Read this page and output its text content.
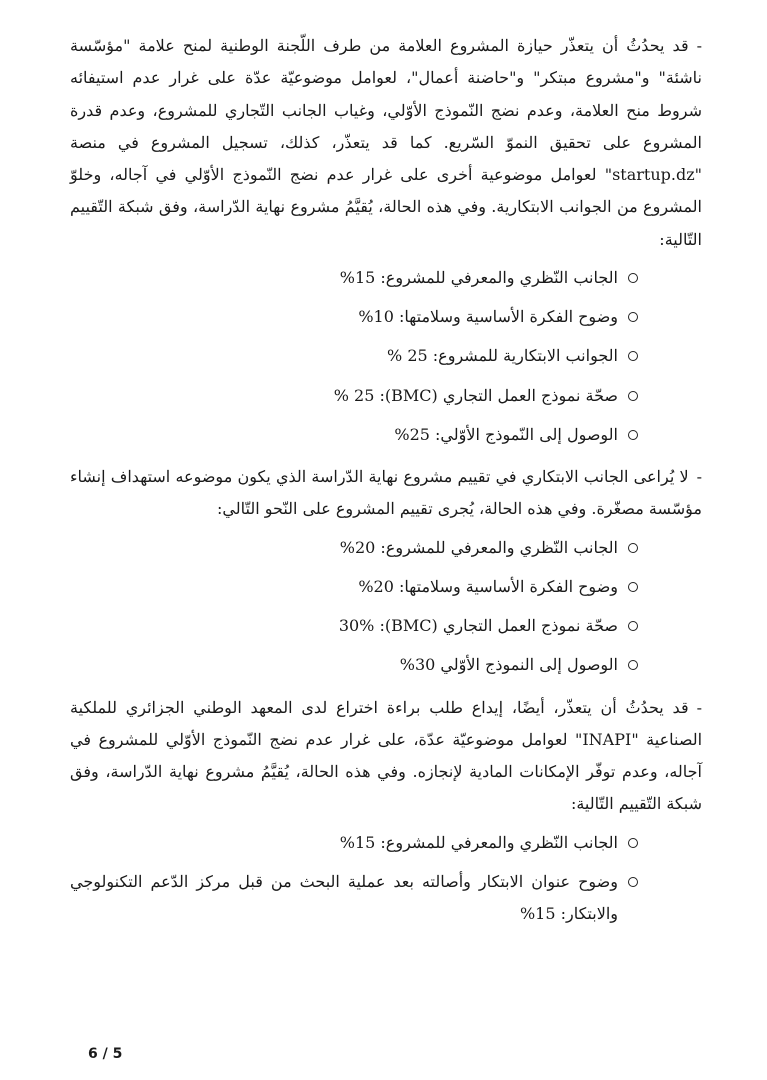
-قد يحدُثُ أن يتعذّر حيازة المشروع العلامة من طرف اللّجنة الوطنية لمنح علامة "مؤسّسة ناشئة" و"مشروع مبتكر" و"حاضنة أعمال"، لعوامل موضوعيّة عدّة على غرار عدم استيفائه شروط منح العلامة، وعدم نضج النّموذج الأوّلي، وغياب الجانب التّجاري للمشروع، وعدم قدرة المشروع على تحقيق النموّ السّريع. كما قد يتعذّر، كذلك، تسجيل المشروع في منصة "startup.dz" لعوامل موضوعية أخرى على غرار عدم نضج النّموذج الأوّلي في آجاله، وخلوّ المشروع من الجوانب الابتكارية. وفي هذه الحالة، يُقيَّمُ مشروع نهاية الدّراسة، وفق شبكة التّقييم التّالية:

الجانب النّظري والمعرفي للمشروع: 15%
وضوح الفكرة الأساسية وسلامتها: 10%
الجوانب الابتكارية للمشروع: 25 %
صحّة نموذج العمل التجاري (BMC): 25 %
الوصول إلى النّموذج الأوّلي: 25%

-لا يُراعى الجانب الابتكاري في تقييم مشروع نهاية الدّراسة الذي يكون موضوعه استهداف إنشاء مؤسّسة مصغّرة. وفي هذه الحالة، يُجرى تقييم المشروع على النّحو التّالي:

الجانب النّظري والمعرفي للمشروع: 20%
وضوح الفكرة الأساسية وسلامتها: 20%
صحّة نموذج العمل التجاري (BMC): 30%
الوصول إلى النموذج الأوّلي 30%

-قد يحدُثُ أن يتعذّر، أيضًا، إيداع طلب براءة اختراع لدى المعهد الوطني الجزائري للملكية الصناعية "INAPI" لعوامل موضوعيّة عدّة، على غرار عدم نضج النّموذج الأوّلي للمشروع في آجاله، وعدم توفّر الإمكانات المادية لإنجازه. وفي هذه الحالة، يُقيَّمُ مشروع نهاية الدّراسة، وفق شبكة التّقييم التّالية:

الجانب النّظري والمعرفي للمشروع: 15%
وضوح عنوان الابتكار وأصالته بعد عملية البحث من قبل مركز الدّعم التكنولوجي والابتكار: 15%
6 / 5
